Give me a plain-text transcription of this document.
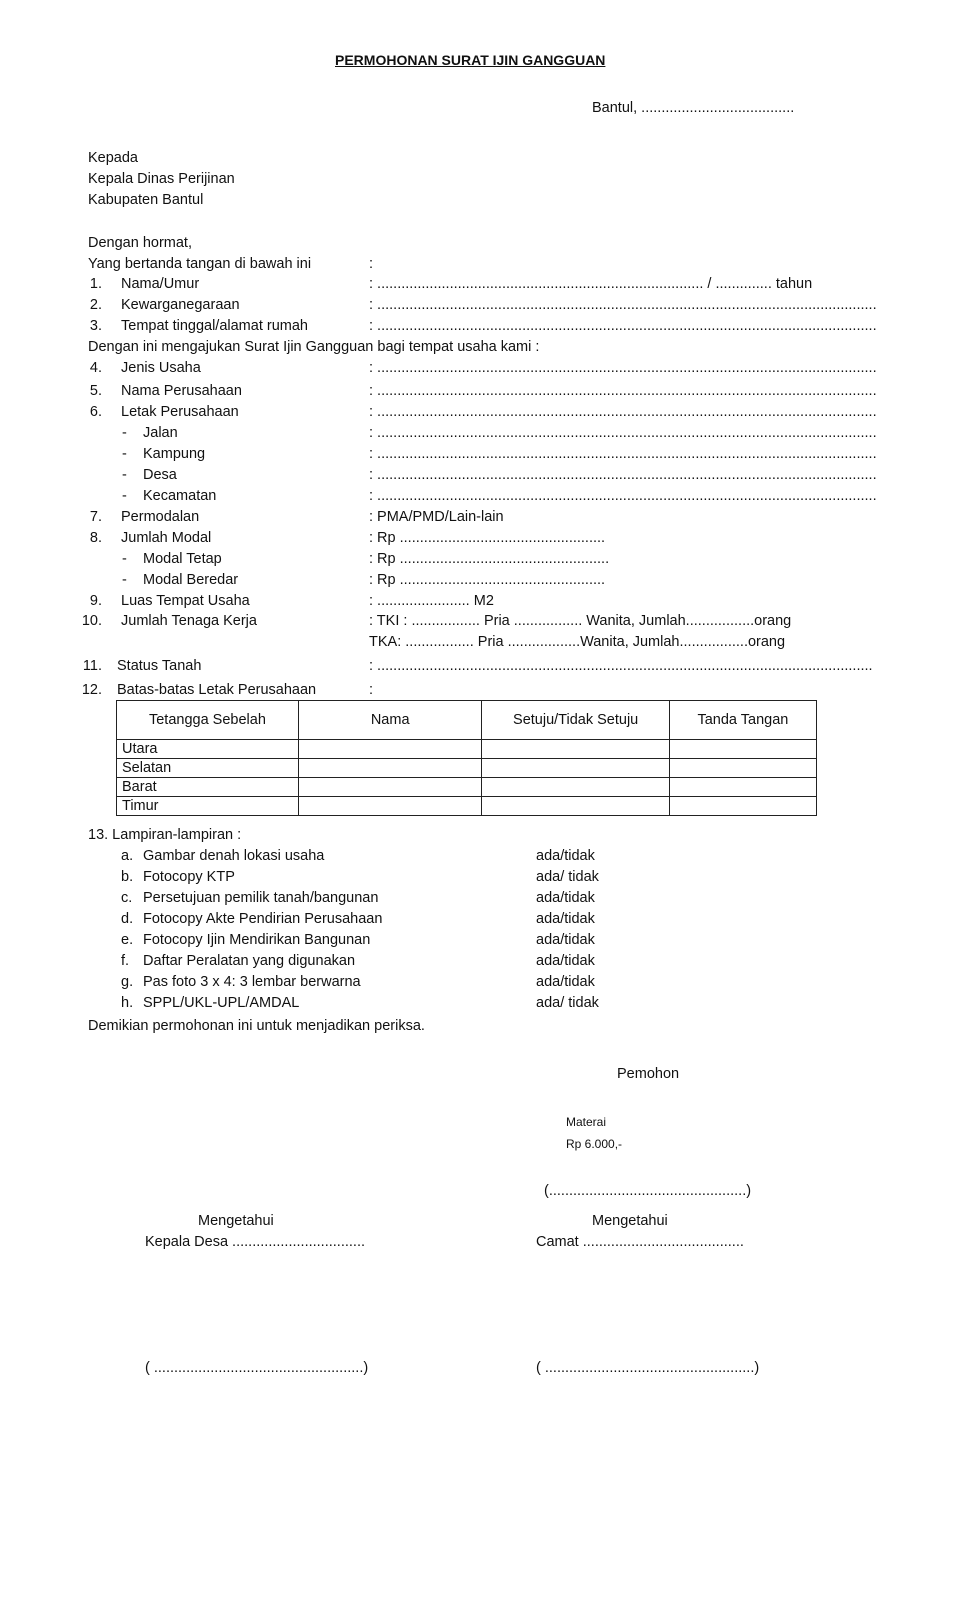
PERMOHONAN SURAT IJIN GANGGUAN
Bantul, ......................................
Kepada
Kepala Dinas Perijinan
Kabupaten Bantul
Dengan hormat,
Yang bertanda tangan di bawah ini	:
1. Nama/Umur	: ................................................................................. / .............. tahun
2. Kewarganegaraan	: ............................................................................................................................
3. Tempat tinggal/alamat rumah	: ............................................................................................................................
Dengan ini mengajukan Surat Ijin Gangguan bagi tempat usaha kami :
4. Jenis Usaha	: ............................................................................................................................
5. Nama Perusahaan	: ............................................................................................................................
6. Letak Perusahaan	: ............................................................................................................................
- Jalan	: ............................................................................................................................
- Kampung	: ............................................................................................................................
- Desa	: ............................................................................................................................
- Kecamatan	: ............................................................................................................................
7. Permodalan	: PMA/PMD/Lain-lain
8. Jumlah Modal	: Rp ...................................................
- Modal Tetap	: Rp ....................................................
- Modal Beredar	: Rp ...................................................
9. Luas Tempat Usaha	: ....................... M2
10. Jumlah Tenaga Kerja	: TKI : ................. Pria ................. Wanita, Jumlah.................orang
TKA: ................. Pria ..................Wanita, Jumlah.................orang
11. Status Tanah	: ...........................................................................................................................
12. Batas-batas Letak Perusahaan	:
Tetangga Sebelah	Nama	Setuju/Tidak Setuju	Tanda Tangan
Utara			
Selatan			
Barat			
Timur			
13. Lampiran-lampiran :
a. Gambar denah lokasi usaha	ada/tidak
b. Fotocopy KTP	ada/ tidak
c. Persetujuan pemilik tanah/bangunan	ada/tidak
d. Fotocopy Akte Pendirian Perusahaan	ada/tidak
e. Fotocopy Ijin Mendirikan Bangunan	ada/tidak
f. Daftar Peralatan yang digunakan	ada/tidak
g. Pas foto 3 x 4: 3 lembar berwarna	ada/tidak
h. SPPL/UKL-UPL/AMDAL	ada/ tidak
Demikian permohonan ini untuk menjadikan periksa.
Pemohon
Materai
Rp 6.000,-
(.................................................)
Mengetahui
Kepala Desa .................................
( ....................................................)
Mengetahui
Camat ........................................
( ....................................................)
